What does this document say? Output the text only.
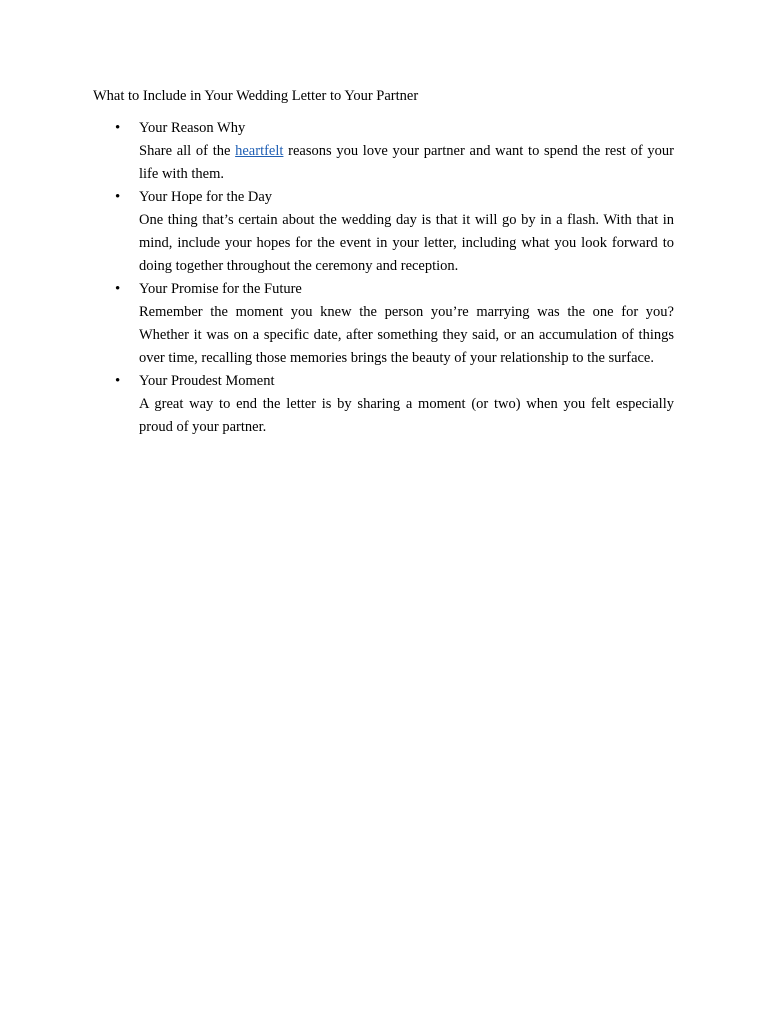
What to Include in Your Wedding Letter to Your Partner
• Your Reason Why
Share all of the heartfelt reasons you love your partner and want to spend the rest of your life with them.
• Your Hope for the Day
One thing that’s certain about the wedding day is that it will go by in a flash. With that in mind, include your hopes for the event in your letter, including what you look forward to doing together throughout the ceremony and reception.
• Your Promise for the Future
Remember the moment you knew the person you’re marrying was the one for you? Whether it was on a specific date, after something they said, or an accumulation of things over time, recalling those memories brings the beauty of your relationship to the surface.
• Your Proudest Moment
A great way to end the letter is by sharing a moment (or two) when you felt especially proud of your partner.
